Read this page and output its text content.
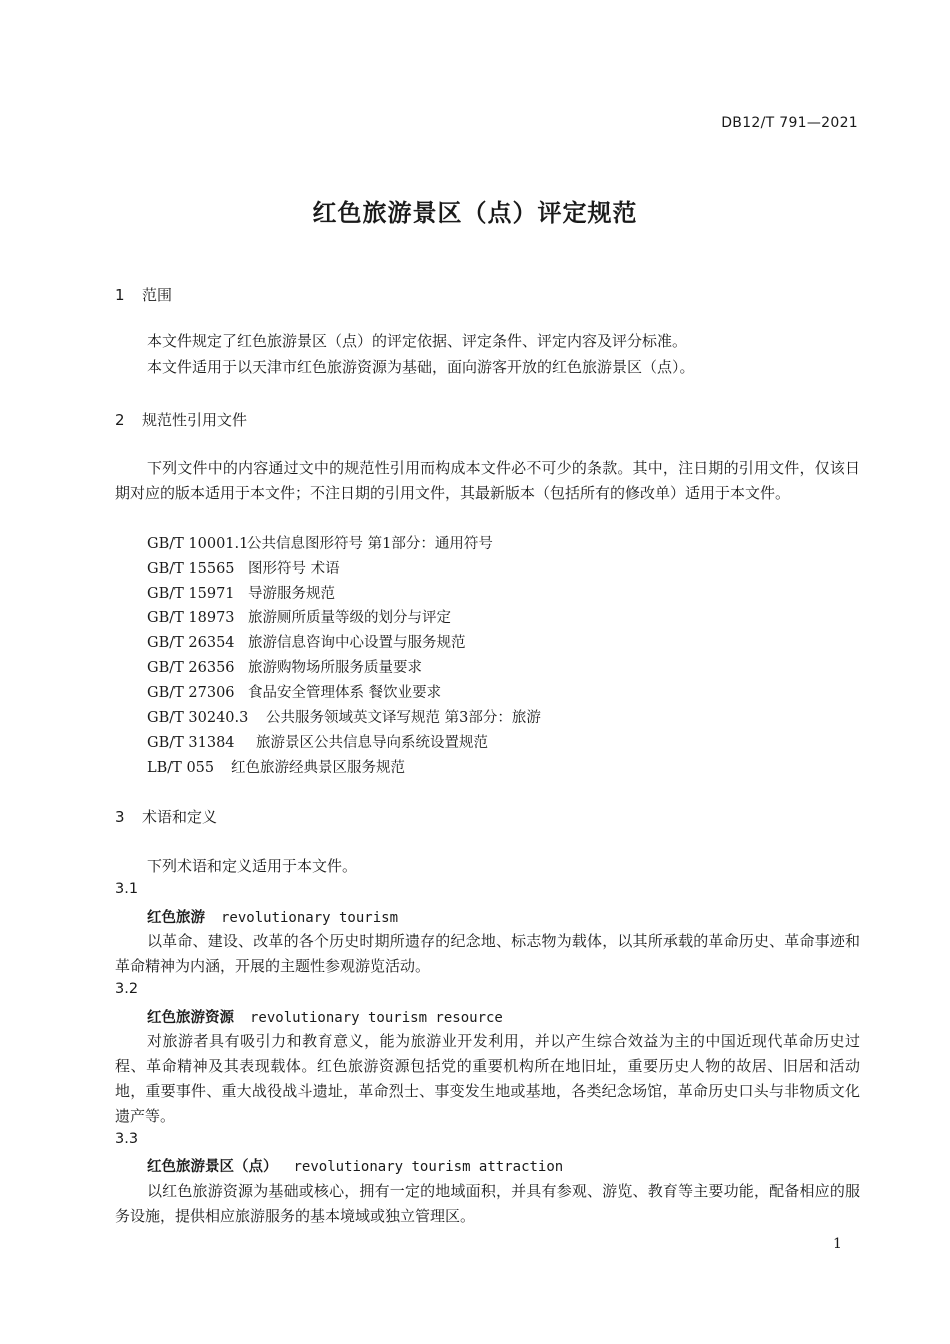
DB12/T 791—2021
红色旅游景区（点）评定规范
1 范围
本文件规定了红色旅游景区（点）的评定依据、评定条件、评定内容及评分标准。
本文件适用于以天津市红色旅游资源为基础，面向游客开放的红色旅游景区（点）。
2 规范性引用文件
下列文件中的内容通过文中的规范性引用而构成本文件必不可少的条款。其中，注日期的引用文件，仅该日期对应的版本适用于本文件；不注日期的引用文件，其最新版本（包括所有的修改单）适用于本文件。
GB/T 10001.1公共信息图形符号 第1部分：通用符号
GB/T 15565 图形符号 术语
GB/T 15971 导游服务规范
GB/T 18973 旅游厕所质量等级的划分与评定
GB/T 26354 旅游信息咨询中心设置与服务规范
GB/T 26356 旅游购物场所服务质量要求
GB/T 27306 食品安全管理体系 餐饮业要求
GB/T 30240.3 公共服务领域英文译写规范 第3部分：旅游
GB/T 31384 旅游景区公共信息导向系统设置规范
LB/T 055 红色旅游经典景区服务规范
3 术语和定义
下列术语和定义适用于本文件。
3.1
红色旅游 revolutionary tourism
以革命、建设、改革的各个历史时期所遗存的纪念地、标志物为载体，以其所承载的革命历史、革命事迹和革命精神为内涵，开展的主题性参观游览活动。
3.2
红色旅游资源 revolutionary tourism resource
对旅游者具有吸引力和教育意义，能为旅游业开发利用，并以产生综合效益为主的中国近现代革命历史过程、革命精神及其表现载体。红色旅游资源包括党的重要机构所在地旧址，重要历史人物的故居、旧居和活动地，重要事件、重大战役战斗遗址，革命烈士、事变发生地或基地，各类纪念场馆，革命历史口头与非物质文化遗产等。
3.3
红色旅游景区（点） revolutionary tourism attraction
以红色旅游资源为基础或核心，拥有一定的地域面积，并具有参观、游览、教育等主要功能，配备相应的服务设施，提供相应旅游服务的基本境域或独立管理区。
1
